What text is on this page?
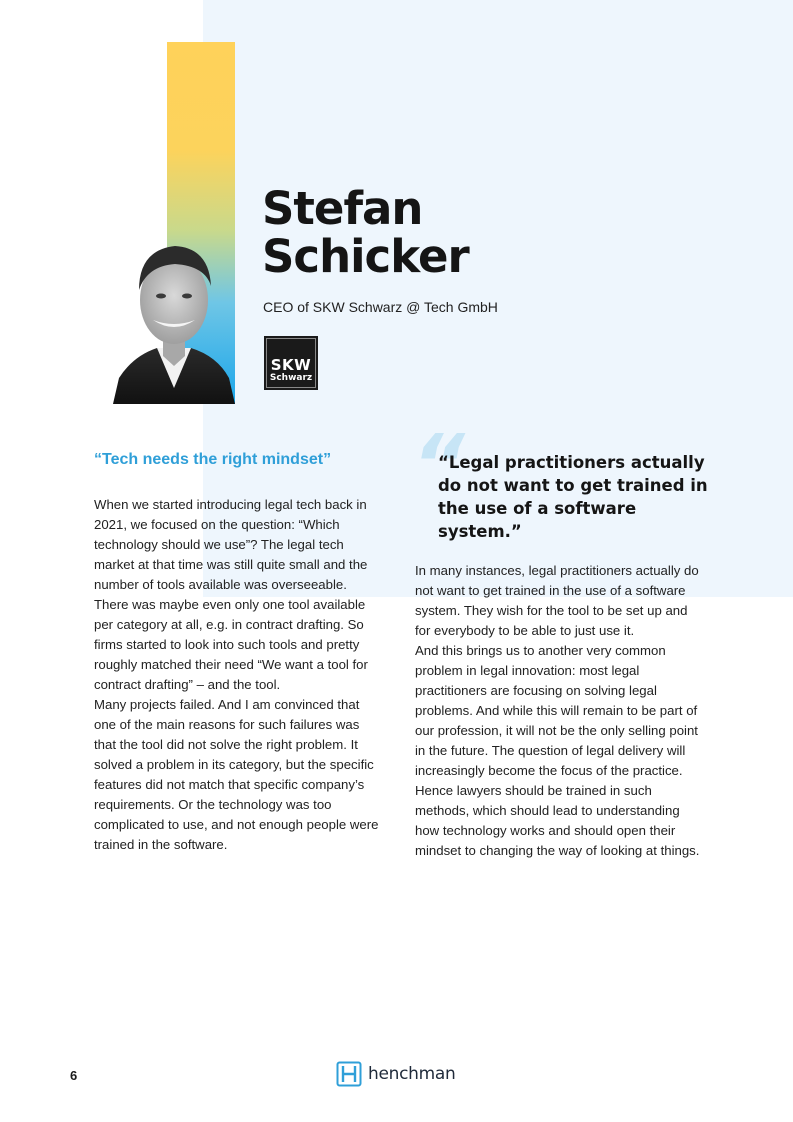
Stefan
Schicker
CEO of SKW Schwarz @ Tech GmbH
SKW
Schwarz
“Tech needs the right mindset”

When we started introducing legal tech back in 2021, we focused on the question: “Which technology should we use”? The legal tech market at that time was still quite small and the number of tools available was overseeable. There was maybe even only one tool available per category at all, e.g. in contract drafting. So firms started to look into such tools and pretty roughly matched their need “We want a tool for contract drafting” – and the tool.

Many projects failed. And I am convinced that one of the main reasons for such failures was that the tool did not solve the right problem. It solved a problem in its category, but the specific features did not match that specific company’s requirements. Or the technology was too complicated to use, and not enough people were trained in the software.

“

“Legal practitioners actually do not want to get trained in the use of a software system.”

In many instances, legal practitioners actually do not want to get trained in the use of a software system. They wish for the tool to be set up and for everybody to be able to just use it.

And this brings us to another very common problem in legal innovation: most legal practitioners are focusing on solving legal problems. And while this will remain to be part of our profession, it will not be the only selling point in the future. The question of legal delivery will increasingly become the focus of the practice.

Hence lawyers should be trained in such methods, which should lead to understanding how technology works and should open their mindset to changing the way of looking at things.

6	henchman
